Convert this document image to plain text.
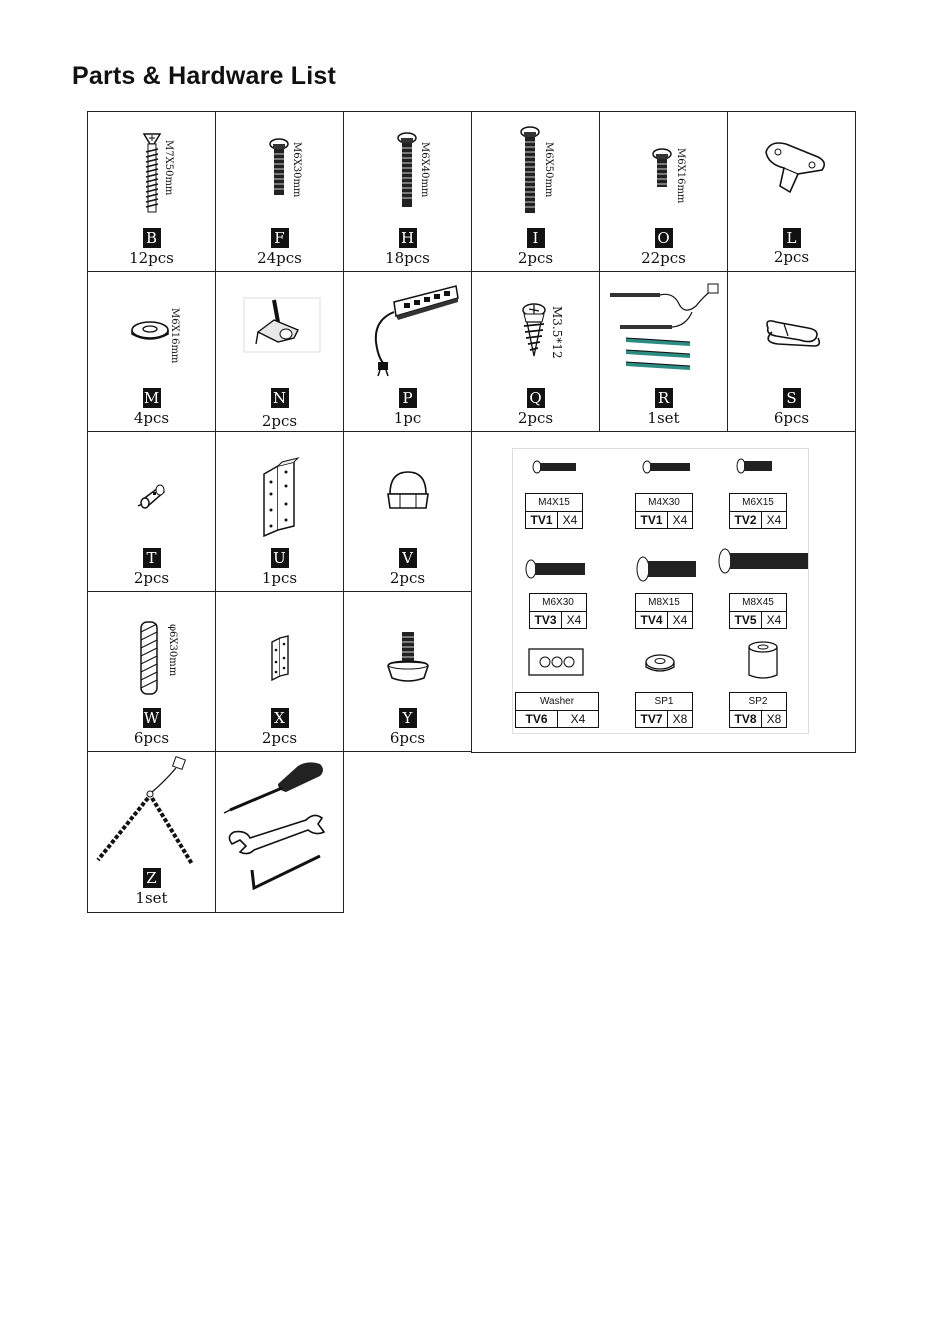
Parts & Hardware List
M7X50mm
B
12pcs
M6X30mm
F
24pcs
M6X40mm
H
18pcs
M6X50mm
I
2pcs
M6X16mm
O
22pcs
L
2pcs
M6X16mm
M
4pcs
N
2pcs
P
1pc
M3.5*12
Q
2pcs
R
1set
S
6pcs
T
2pcs
U
1pcs
V
2pcs
φ6X30mm
W
6pcs
X
2pcs
Y
6pcs
M4X15
TV1 X4
M4X30
TV1 X4
M6X15
TV2 X4
M6X30
TV3 X4
M8X15
TV4 X4
M8X45
TV5 X4
Washer
TV6	X4
SP1
TV7 X8
SP2
TV8 X8
Z
1set
